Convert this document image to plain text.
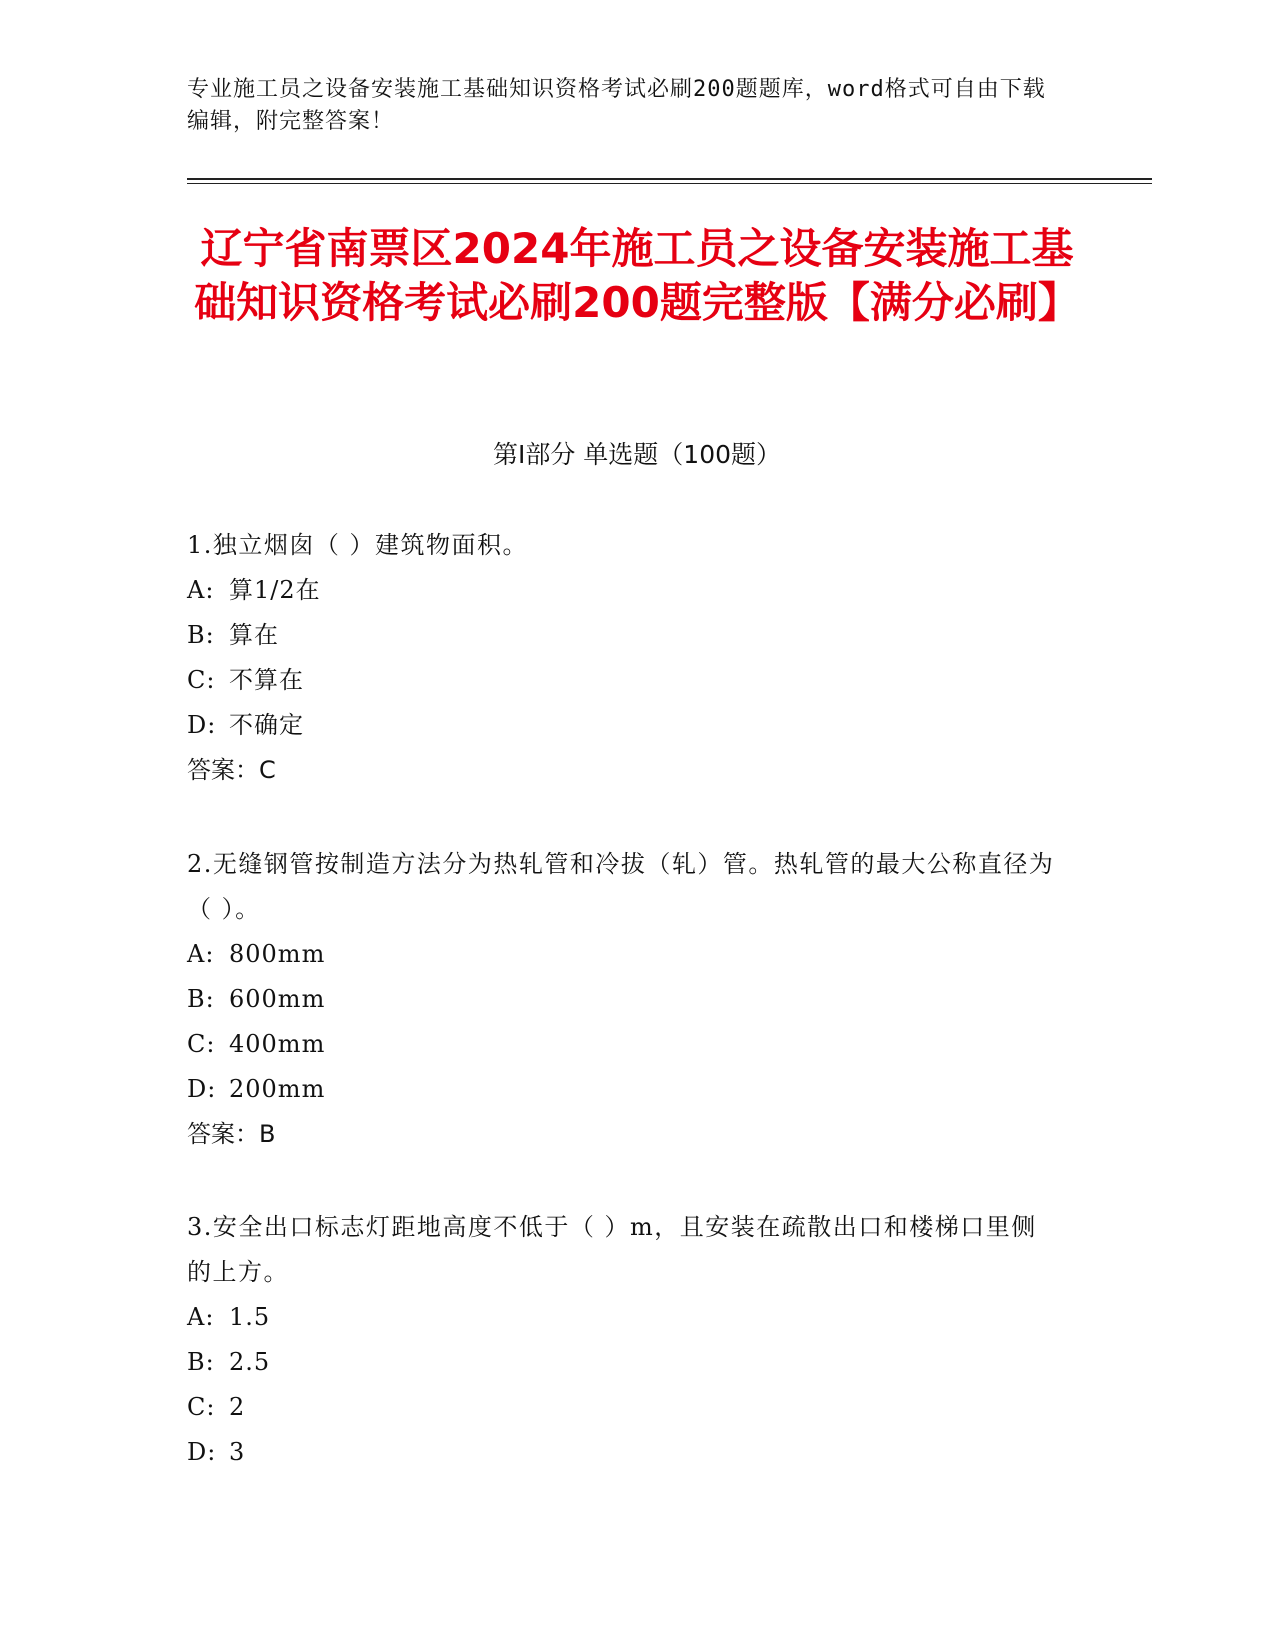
专业施工员之设备安装施工基础知识资格考试必刷200题题库，word格式可自由下载编辑，附完整答案！
辽宁省南票区2024年施工员之设备安装施工基础知识资格考试必刷200题完整版【满分必刷】
第I部分 单选题（100题）

1.独立烟囱（ ）建筑物面积。

A: 算1/2在

B: 算在

C: 不算在

D: 不确定

答案：C

2.无缝钢管按制造方法分为热轧管和冷拔（轧）管。热轧管的最大公称直径为（ ）。

A: 800mm

B: 600mm

C: 400mm

D: 200mm

答案：B

3.安全出口标志灯距地高度不低于（ ）m，且安装在疏散出口和楼梯口里侧的上方。

A: 1.5

B: 2.5

C: 2

D: 3
